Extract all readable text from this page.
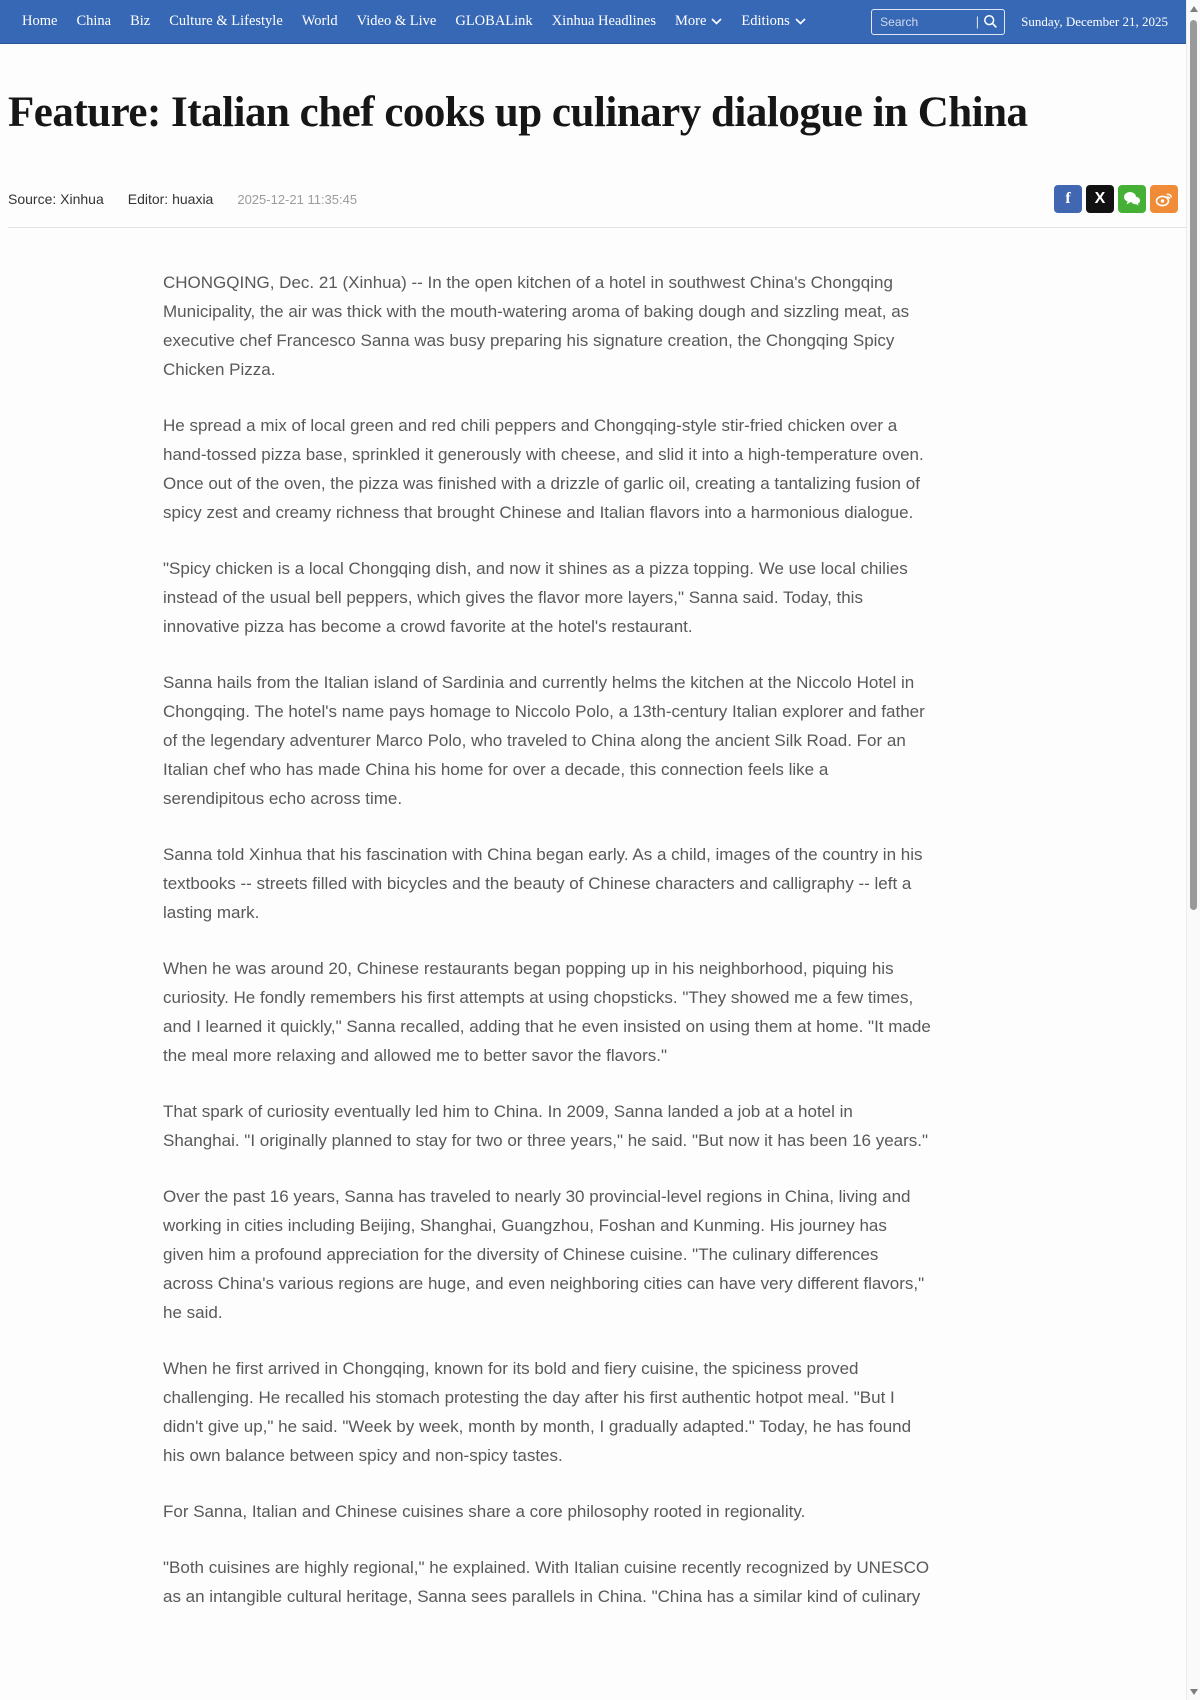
Home China Biz Culture & Lifestyle World Video & Live GLOBALink Xinhua Headlines More Editions
Search	|	Sunday, December 21, 2025
Feature: Italian chef cooks up culinary dialogue in China
Source: Xinhua Editor: huaxia 2025-12-21 11:35:45	f X

CHONGQING, Dec. 21 (Xinhua) -- In the open kitchen of a hotel in southwest China's Chongqing Municipality, the air was thick with the mouth-watering aroma of baking dough and sizzling meat, as executive chef Francesco Sanna was busy preparing his signature creation, the Chongqing Spicy Chicken Pizza.

He spread a mix of local green and red chili peppers and Chongqing-style stir-fried chicken over a hand-tossed pizza base, sprinkled it generously with cheese, and slid it into a high-temperature oven. Once out of the oven, the pizza was finished with a drizzle of garlic oil, creating a tantalizing fusion of spicy zest and creamy richness that brought Chinese and Italian flavors into a harmonious dialogue.

"Spicy chicken is a local Chongqing dish, and now it shines as a pizza topping. We use local chilies instead of the usual bell peppers, which gives the flavor more layers," Sanna said. Today, this innovative pizza has become a crowd favorite at the hotel's restaurant.

Sanna hails from the Italian island of Sardinia and currently helms the kitchen at the Niccolo Hotel in Chongqing. The hotel's name pays homage to Niccolo Polo, a 13th-century Italian explorer and father of the legendary adventurer Marco Polo, who traveled to China along the ancient Silk Road. For an Italian chef who has made China his home for over a decade, this connection feels like a serendipitous echo across time.

Sanna told Xinhua that his fascination with China began early. As a child, images of the country in his textbooks -- streets filled with bicycles and the beauty of Chinese characters and calligraphy -- left a lasting mark.

When he was around 20, Chinese restaurants began popping up in his neighborhood, piquing his curiosity. He fondly remembers his first attempts at using chopsticks. "They showed me a few times, and I learned it quickly," Sanna recalled, adding that he even insisted on using them at home. "It made the meal more relaxing and allowed me to better savor the flavors."

That spark of curiosity eventually led him to China. In 2009, Sanna landed a job at a hotel in Shanghai. "I originally planned to stay for two or three years," he said. "But now it has been 16 years."

Over the past 16 years, Sanna has traveled to nearly 30 provincial-level regions in China, living and working in cities including Beijing, Shanghai, Guangzhou, Foshan and Kunming. His journey has given him a profound appreciation for the diversity of Chinese cuisine. "The culinary differences across China's various regions are huge, and even neighboring cities can have very different flavors," he said.

When he first arrived in Chongqing, known for its bold and fiery cuisine, the spiciness proved challenging. He recalled his stomach protesting the day after his first authentic hotpot meal. "But I didn't give up," he said. "Week by week, month by month, I gradually adapted." Today, he has found his own balance between spicy and non-spicy tastes.

For Sanna, Italian and Chinese cuisines share a core philosophy rooted in regionality.

"Both cuisines are highly regional," he explained. With Italian cuisine recently recognized by UNESCO as an intangible cultural heritage, Sanna sees parallels in China. "China has a similar kind of culinary
